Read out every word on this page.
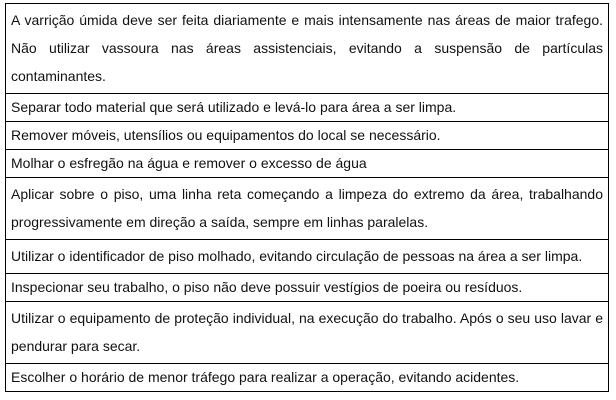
A varrição úmida deve ser feita diariamente e mais intensamente nas áreas de maior trafego. Não utilizar vassoura nas áreas assistenciais, evitando a suspensão de partículas contaminantes.
Separar todo material que será utilizado e levá-lo para área a ser limpa.
Remover móveis, utensílios ou equipamentos do local se necessário.
Molhar o esfregão na água e remover o excesso de água
Aplicar sobre o piso, uma linha reta começando a limpeza do extremo da área, trabalhando progressivamente em direção a saída, sempre em linhas paralelas.
Utilizar o identificador de piso molhado, evitando circulação de pessoas na área a ser limpa.
Inspecionar seu trabalho, o piso não deve possuir vestígios de poeira ou resíduos.
Utilizar o equipamento de proteção individual, na execução do trabalho. Após o seu uso lavar e pendurar para secar.
Escolher o horário de menor tráfego para realizar a operação, evitando acidentes.
